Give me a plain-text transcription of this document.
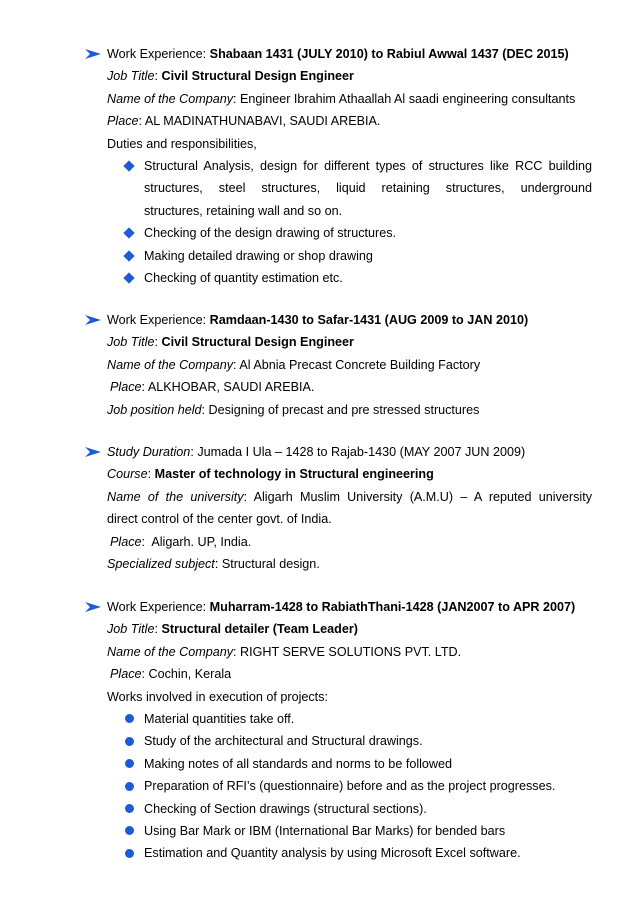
Work Experience: Shabaan 1431 (JULY 2010) to Rabiul Awwal 1437 (DEC 2015)
Job Title: Civil Structural Design Engineer
Name of the Company: Engineer Ibrahim Athaallah Al saadi engineering consultants
Place: AL MADINATHUNABAVI, SAUDI AREBIA.
Duties and responsibilities,
Structural Analysis, design for different types of structures like RCC building
structures, steel structures, liquid retaining structures, underground
structures, retaining wall and so on.
Checking of the design drawing of structures.
Making detailed drawing or shop drawing
Checking of quantity estimation etc.
Work Experience: Ramdaan-1430 to Safar-1431 (AUG 2009 to JAN 2010)
Job Title: Civil Structural Design Engineer
Name of the Company: Al Abnia Precast Concrete Building Factory
Place: ALKHOBAR, SAUDI AREBIA.
Job position held: Designing of precast and pre stressed structures
Study Duration: Jumada I Ula – 1428 to Rajab-1430 (MAY 2007 JUN 2009)
Course: Master of technology in Structural engineering
Name of the university: Aligarh Muslim University (A.M.U) – A reputed university
direct control of the center govt. of India.
Place:  Aligarh. UP, India.
Specialized subject: Structural design.
Work Experience: Muharram-1428 to RabiathThani-1428 (JAN2007 to APR 2007)
Job Title: Structural detailer (Team Leader)
Name of the Company: RIGHT SERVE SOLUTIONS PVT. LTD.
Place: Cochin, Kerala
Works involved in execution of projects:
Material quantities take off.
Study of the architectural and Structural drawings.
Making notes of all standards and norms to be followed
Preparation of RFI’s (questionnaire) before and as the project progresses.
Checking of Section drawings (structural sections).
Using Bar Mark or IBM (International Bar Marks) for bended bars
Estimation and Quantity analysis by using Microsoft Excel software.
